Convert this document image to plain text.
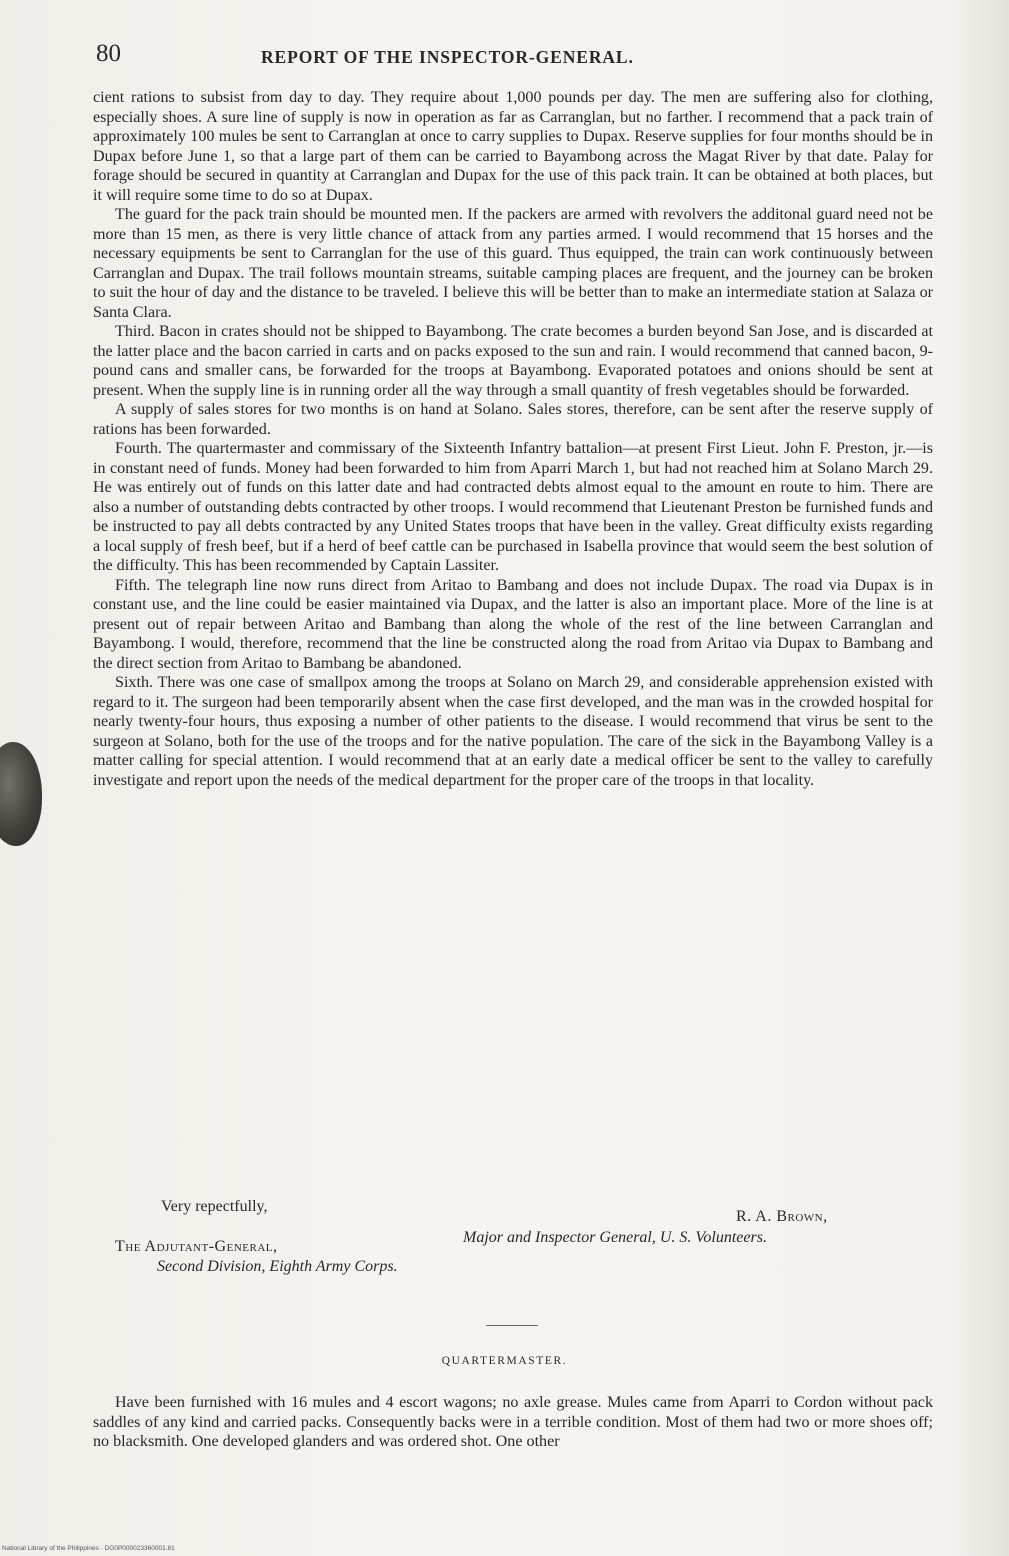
80	REPORT OF THE INSPECTOR-GENERAL.

cient rations to subsist from day to day. They require about 1,000 pounds per day. The men are suffering also for clothing, especially shoes. A sure line of supply is now in operation as far as Carranglan, but no farther. I recommend that a pack train of approximately 100 mules be sent to Carranglan at once to carry supplies to Dupax. Reserve supplies for four months should be in Dupax before June 1, so that a large part of them can be carried to Bayambong across the Magat River by that date. Palay for forage should be secured in quantity at Carranglan and Dupax for the use of this pack train. It can be obtained at both places, but it will require some time to do so at Dupax.

The guard for the pack train should be mounted men. If the packers are armed with revolvers the additonal guard need not be more than 15 men, as there is very little chance of attack from any parties armed. I would recommend that 15 horses and the necessary equipments be sent to Carranglan for the use of this guard. Thus equipped, the train can work continuously between Carranglan and Dupax. The trail follows mountain streams, suitable camping places are frequent, and the journey can be broken to suit the hour of day and the distance to be traveled. I believe this will be better than to make an intermediate station at Salaza or Santa Clara.

Third. Bacon in crates should not be shipped to Bayambong. The crate becomes a burden beyond San Jose, and is discarded at the latter place and the bacon carried in carts and on packs exposed to the sun and rain. I would recommend that canned bacon, 9-pound cans and smaller cans, be forwarded for the troops at Bayambong. Evaporated potatoes and onions should be sent at present. When the supply line is in running order all the way through a small quantity of fresh vegetables should be forwarded.

A supply of sales stores for two months is on hand at Solano. Sales stores, therefore, can be sent after the reserve supply of rations has been forwarded.

Fourth. The quartermaster and commissary of the Sixteenth Infantry battalion—at present First Lieut. John F. Preston, jr.—is in constant need of funds. Money had been forwarded to him from Aparri March 1, but had not reached him at Solano March 29. He was entirely out of funds on this latter date and had contracted debts almost equal to the amount en route to him. There are also a number of outstanding debts contracted by other troops. I would recommend that Lieutenant Preston be furnished funds and be instructed to pay all debts contracted by any United States troops that have been in the valley. Great difficulty exists regarding a local supply of fresh beef, but if a herd of beef cattle can be purchased in Isabella province that would seem the best solution of the difficulty. This has been recommended by Captain Lassiter.

Fifth. The telegraph line now runs direct from Aritao to Bambang and does not include Dupax. The road via Dupax is in constant use, and the line could be easier maintained via Dupax, and the latter is also an important place. More of the line is at present out of repair between Aritao and Bambang than along the whole of the rest of the line between Carranglan and Bayambong. I would, therefore, recommend that the line be constructed along the road from Aritao via Dupax to Bambang and the direct section from Aritao to Bambang be abandoned.

Sixth. There was one case of smallpox among the troops at Solano on March 29, and considerable apprehension existed with regard to it. The surgeon had been temporarily absent when the case first developed, and the man was in the crowded hospital for nearly twenty-four hours, thus exposing a number of other patients to the disease. I would recommend that virus be sent to the surgeon at Solano, both for the use of the troops and for the native population. The care of the sick in the Bayambong Valley is a matter calling for special attention. I would recommend that at an early date a medical officer be sent to the valley to carefully investigate and report upon the needs of the medical department for the proper care of the troops in that locality.

Very repectfully,
R. A. Brown,
Major and Inspector General, U. S. Volunteers.
The Adjutant-General,
Second Division, Eighth Army Corps.
QUARTERMASTER.

Have been furnished with 16 mules and 4 escort wagons; no axle grease. Mules came from Aparri to Cordon without pack saddles of any kind and carried packs. Consequently backs were in a terrible condition. Most of them had two or more shoes off; no blacksmith. One developed glanders and was ordered shot. One other

National Library of the Philippines · DG0P000023360001.81
